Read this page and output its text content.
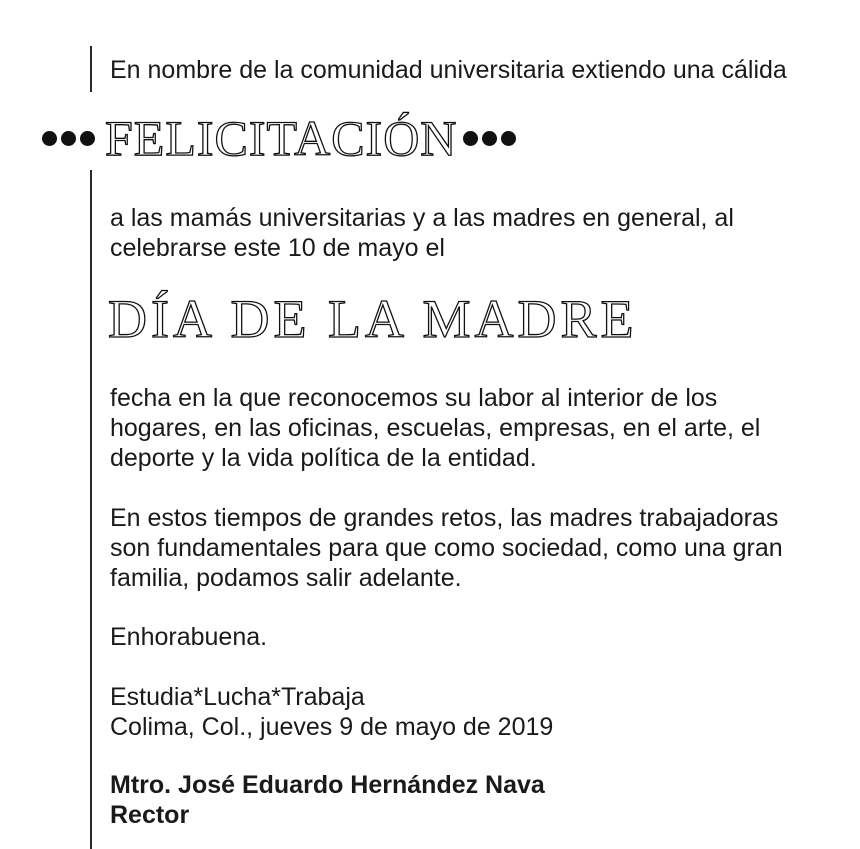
En nombre de la comunidad universitaria extiendo una cálida
FELICITACIÓN
a las mamás universitarias y a las madres en general, al
celebrarse este 10 de mayo el
DÍA DE LA MADRE
fecha en la que reconocemos su labor al interior de los
hogares, en las oficinas, escuelas, empresas, en el arte, el
deporte y la vida política de la entidad.
En estos tiempos de grandes retos, las madres trabajadoras
son fundamentales para que como sociedad, como una gran
familia, podamos salir adelante.
Enhorabuena.
Estudia*Lucha*Trabaja
Colima, Col., jueves 9 de mayo de 2019
Mtro. José Eduardo Hernández Nava
Rector
